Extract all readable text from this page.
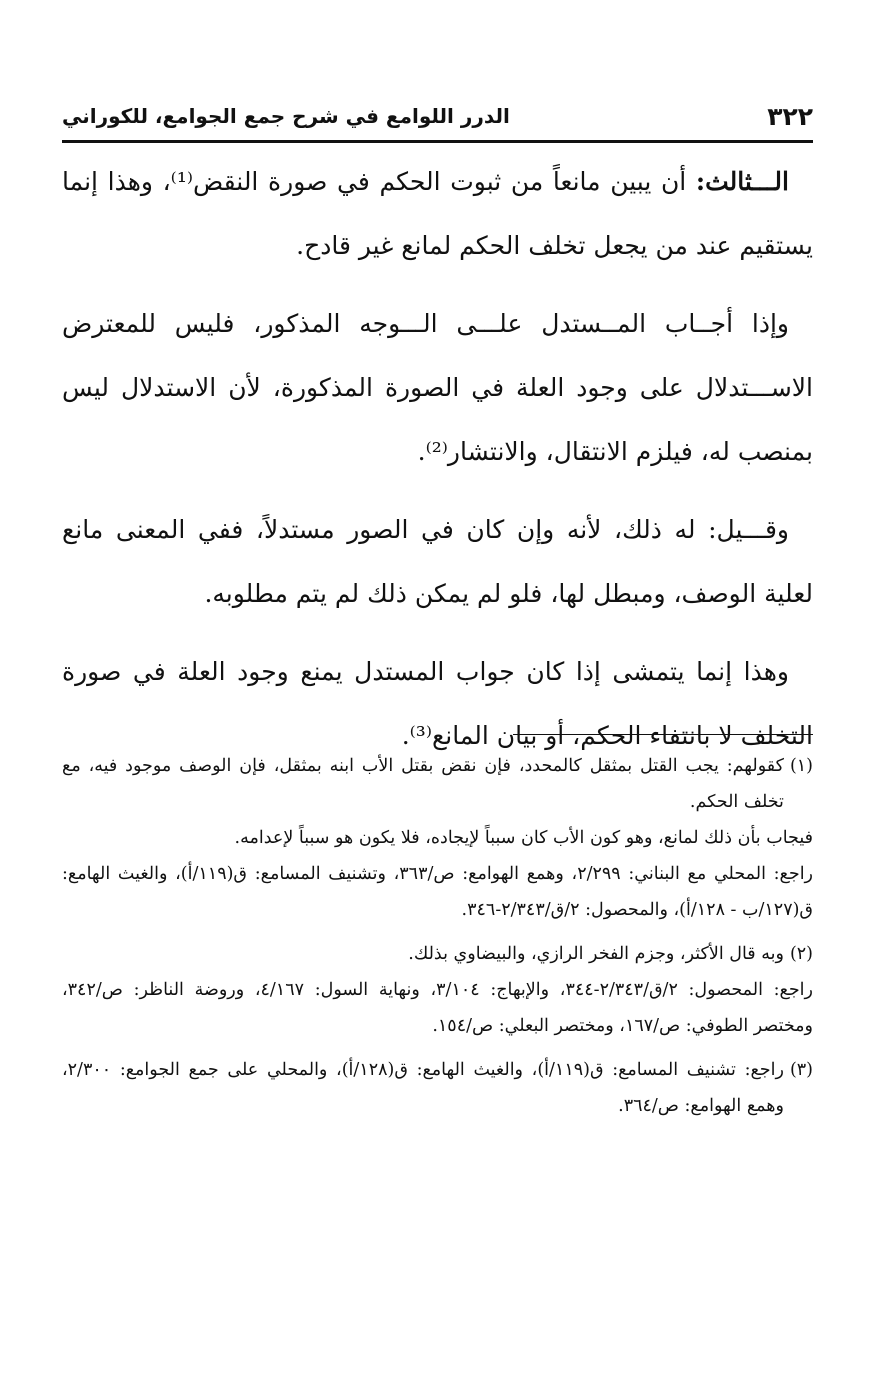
٣٢٢
الدرر اللوامع في شرح جمع الجوامع، للكوراني

الـــثالث: أن يبين مانعاً من ثبوت الحكم في صورة النقض⁽¹⁾، وهذا إنما يستقيم عند من يجعل تخلف الحكم لمانع غير قادح.

وإذا أجــاب المــستدل علـــى الـــوجه المذكور، فليس للمعترض الاســـتدلال على وجود العلة في الصورة المذكورة، لأن الاستدلال ليس بمنصب له، فيلزم الانتقال، والانتشار⁽²⁾.

وقـــيل: له ذلك، لأنه وإن كان في الصور مستدلاً، ففي المعنى مانع لعلية الوصف، ومبطل لها، فلو لم يمكن ذلك لم يتم مطلوبه.

وهذا إنما يتمشى إذا كان جواب المستدل يمنع وجود العلة في صورة التخلف لا بانتفاء الحكم، أو بيان المانع⁽³⁾.

(١)
كقولهم: يجب القتل بمثقل كالمحدد، فإن نقض بقتل الأب ابنه بمثقل، فإن الوصف موجود فيه، مع تخلف الحكم.
فيجاب بأن ذلك لمانع، وهو كون الأب كان سبباً لإيجاده، فلا يكون هو سبباً لإعدامه.
راجع: المحلي مع البناني: ٢/٢٩٩، وهمع الهوامع: ص/٣٦٣، وتشنيف المسامع: ق(١١٩/أ)، والغيث الهامع: ق(١٢٧/ب - ١٢٨/أ)، والمحصول: ٢/ق/٢/٣٤٣-٣٤٦.
(٢)
وبه قال الأكثر، وجزم الفخر الرازي، والبيضاوي بذلك.
راجع: المحصول: ٢/ق/٢/٣٤٣-٣٤٤، والإبهاج: ٣/١٠٤، ونهاية السول: ٤/١٦٧، وروضة الناظر: ص/٣٤٢، ومختصر الطوفي: ص/١٦٧، ومختصر البعلي: ص/١٥٤.
(٣)
راجع: تشنيف المسامع: ق(١١٩/أ)، والغيث الهامع: ق(١٢٨/أ)، والمحلي على جمع الجوامع: ٢/٣٠٠، وهمع الهوامع: ص/٣٦٤.
